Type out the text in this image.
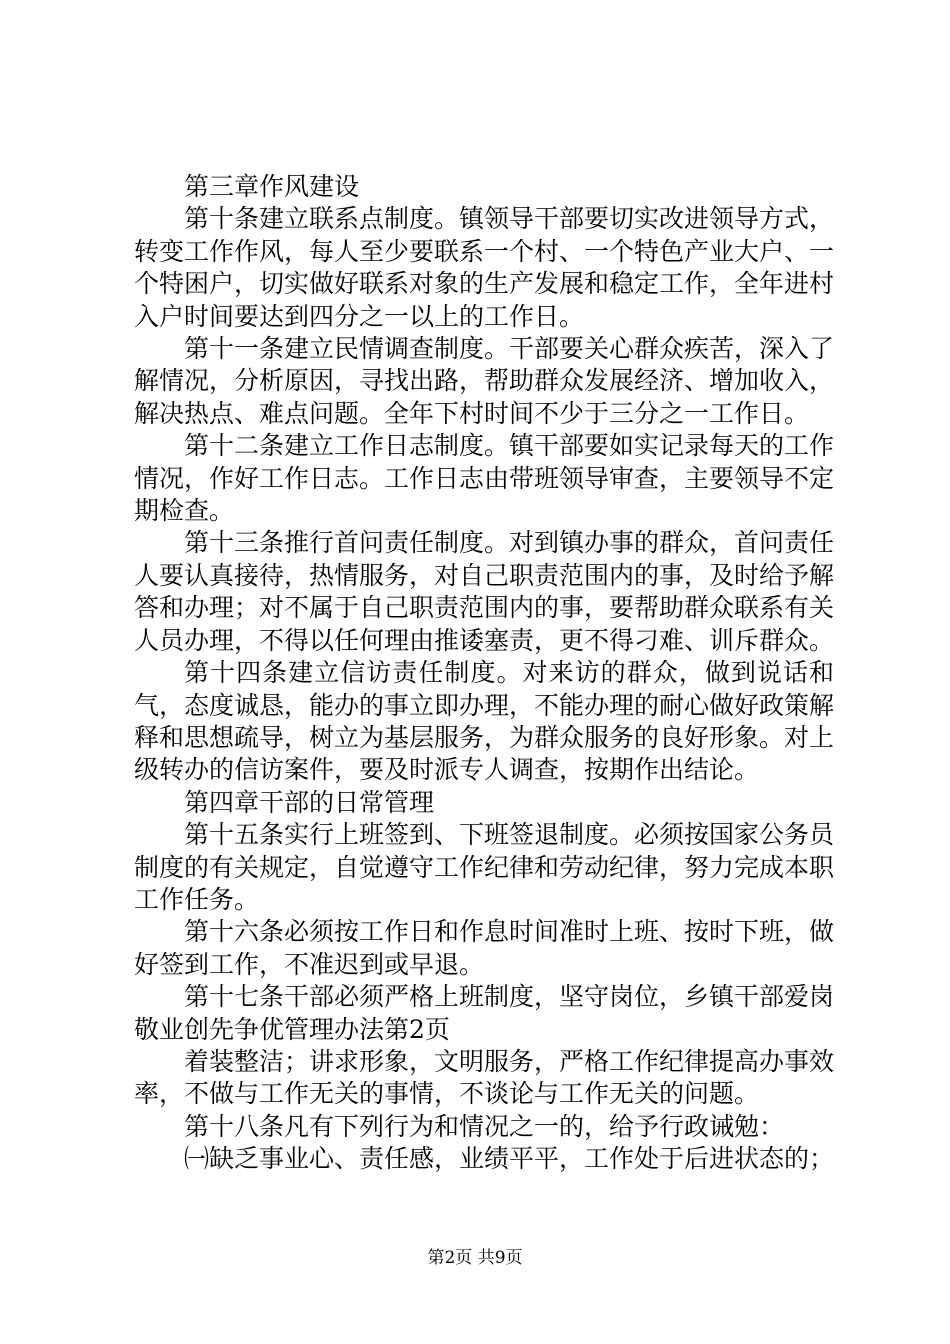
第三章作风建设

第十条建立联系点制度。镇领导干部要切实改进领导方式，转变工作作风，每人至少要联系一个村、一个特色产业大户、一个特困户，切实做好联系对象的生产发展和稳定工作，全年进村入户时间要达到四分之一以上的工作日。

第十一条建立民情调查制度。干部要关心群众疾苦，深入了解情况，分析原因，寻找出路，帮助群众发展经济、增加收入，解决热点、难点问题。全年下村时间不少于三分之一工作日。

第十二条建立工作日志制度。镇干部要如实记录每天的工作情况，作好工作日志。工作日志由带班领导审查，主要领导不定期检查。

第十三条推行首问责任制度。对到镇办事的群众，首问责任人要认真接待，热情服务，对自己职责范围内的事，及时给予解答和办理；对不属于自己职责范围内的事，要帮助群众联系有关人员办理，不得以任何理由推诿塞责，更不得刁难、训斥群众。

第十四条建立信访责任制度。对来访的群众，做到说话和气，态度诚恳，能办的事立即办理，不能办理的耐心做好政策解释和思想疏导，树立为基层服务，为群众服务的良好形象。对上级转办的信访案件，要及时派专人调查，按期作出结论。

第四章干部的日常管理

第十五条实行上班签到、下班签退制度。必须按国家公务员制度的有关规定，自觉遵守工作纪律和劳动纪律，努力完成本职工作任务。

第十六条必须按工作日和作息时间准时上班、按时下班，做好签到工作，不准迟到或早退。

第十七条干部必须严格上班制度，坚守岗位，乡镇干部爱岗敬业创先争优管理办法第2页

着装整洁；讲求形象，文明服务，严格工作纪律提高办事效率，不做与工作无关的事情，不谈论与工作无关的问题。

第十八条凡有下列行为和情况之一的，给予行政诫勉：

㈠缺乏事业心、责任感，业绩平平，工作处于后进状态的；

第2页 共9页
